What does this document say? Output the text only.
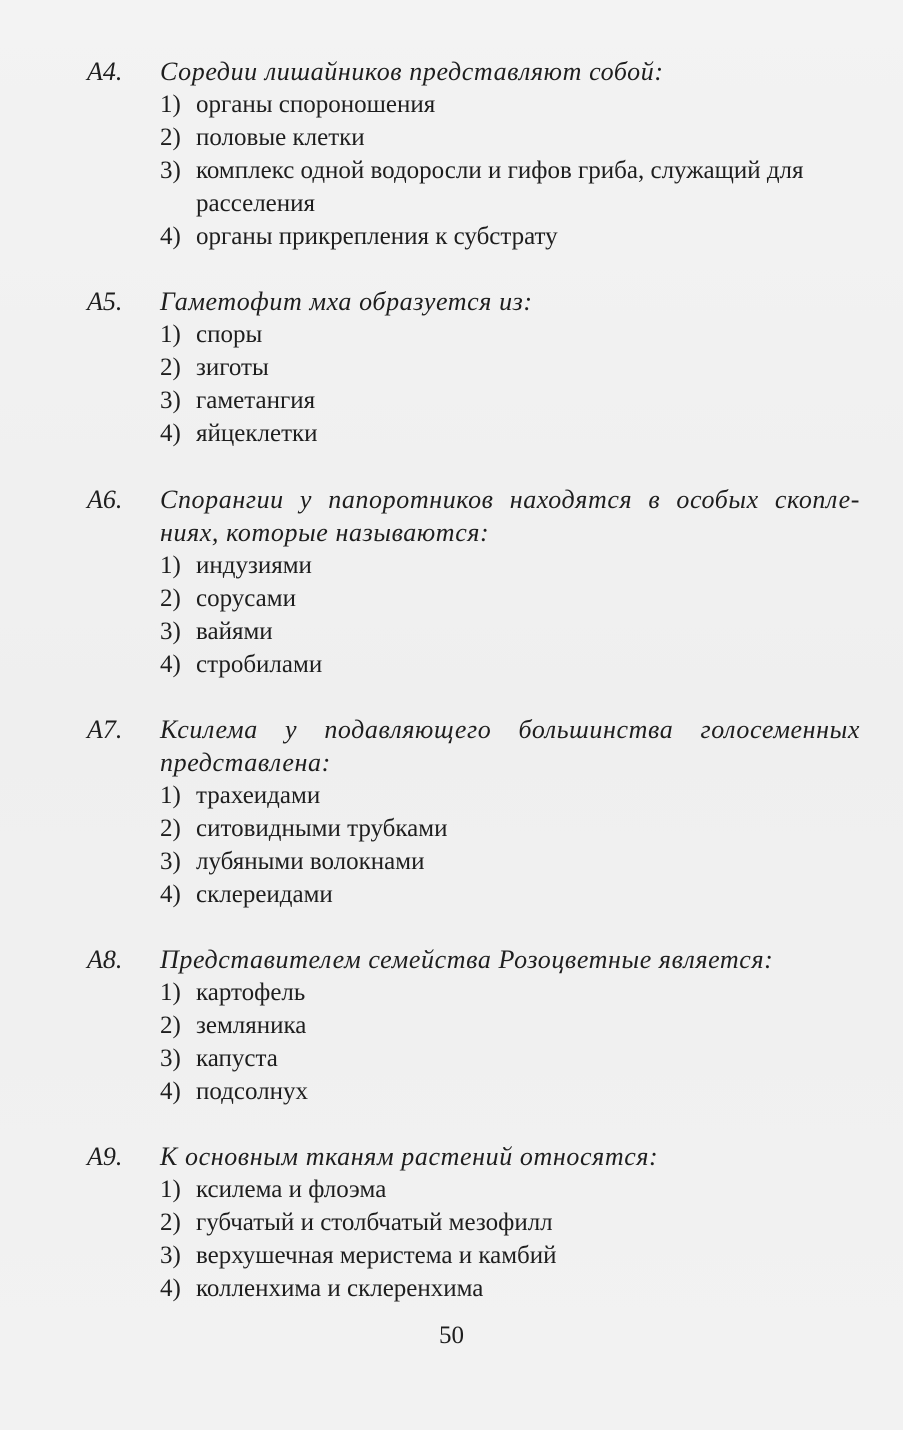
А4. Соредии лишайников представляют собой:
1) органы спороношения
2) половые клетки
3) комплекс одной водоросли и гифов гриба, служащий для
расселения
4) органы прикрепления к субстрату
А5. Гаметофит мха образуется из:
1) споры
2) зиготы
3) гаметангия
4) яйцеклетки
А6. Спорангии у папоротников находятся в особых скопле-
ниях, которые называются:
1) индузиями
2) сорусами
3) вайями
4) стробилами
А7. Ксилема у подавляющего большинства голосеменных
представлена:
1) трахеидами
2) ситовидными трубками
3) лубяными волокнами
4) склереидами
А8. Представителем семейства Розоцветные является:
1) картофель
2) земляника
3) капуста
4) подсолнух
А9. К основным тканям растений относятся:
1) ксилема и флоэма
2) губчатый и столбчатый мезофилл
3) верхушечная меристема и камбий
4) колленхима и склеренхима
50
